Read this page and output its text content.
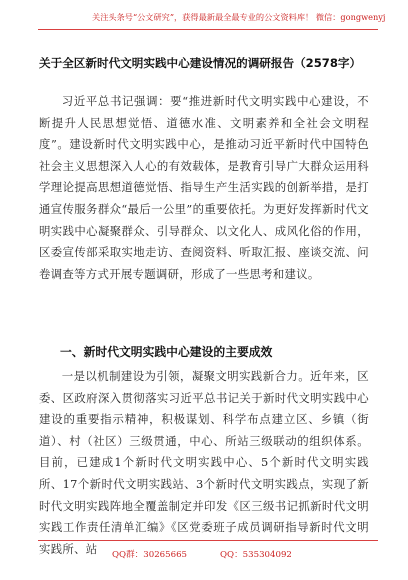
关注头条号“公文研究”，获得最新最全最专业的公文资料库！ 微信：gongwenyj
关于全区新时代文明实践中心建设情况的调研报告（2578字）
习近平总书记强调：要“推进新时代文明实践中心建设，不断提升人民思想觉悟、道德水准、文明素养和全社会文明程度”。建设新时代文明实践中心，是推动习近平新时代中国特色社会主义思想深入人心的有效载体，是教育引导广大群众运用科学理论提高思想道德觉悟、指导生产生活实践的创新举措，是打通宣传服务群众“最后一公里”的重要依托。为更好发挥新时代文明实践中心凝聚群众、引导群众、以文化人、成风化俗的作用，区委宣传部采取实地走访、查阅资料、听取汇报、座谈交流、问卷调查等方式开展专题调研，形成了一些思考和建议。
一、新时代文明实践中心建设的主要成效
一是以机制建设为引领，凝聚文明实践新合力。近年来，区委、区政府深入贯彻落实习近平总书记关于新时代文明实践中心建设的重要指示精神，积极谋划、科学布点建立区、乡镇（街道）、村（社区）三级贯通，中心、所站三级联动的组织体系。目前，已建成1个新时代文明实践中心、5个新时代文明实践所、17个新时代文明实践站、3个新时代文明实践点，实现了新时代文明实践阵地全覆盖制定并印发《区三级书记抓新时代文明实践工作责任清单汇编》《区党委班子成员调研指导新时代文明实践所、站	QQ群：30265665	QQ：535304092
